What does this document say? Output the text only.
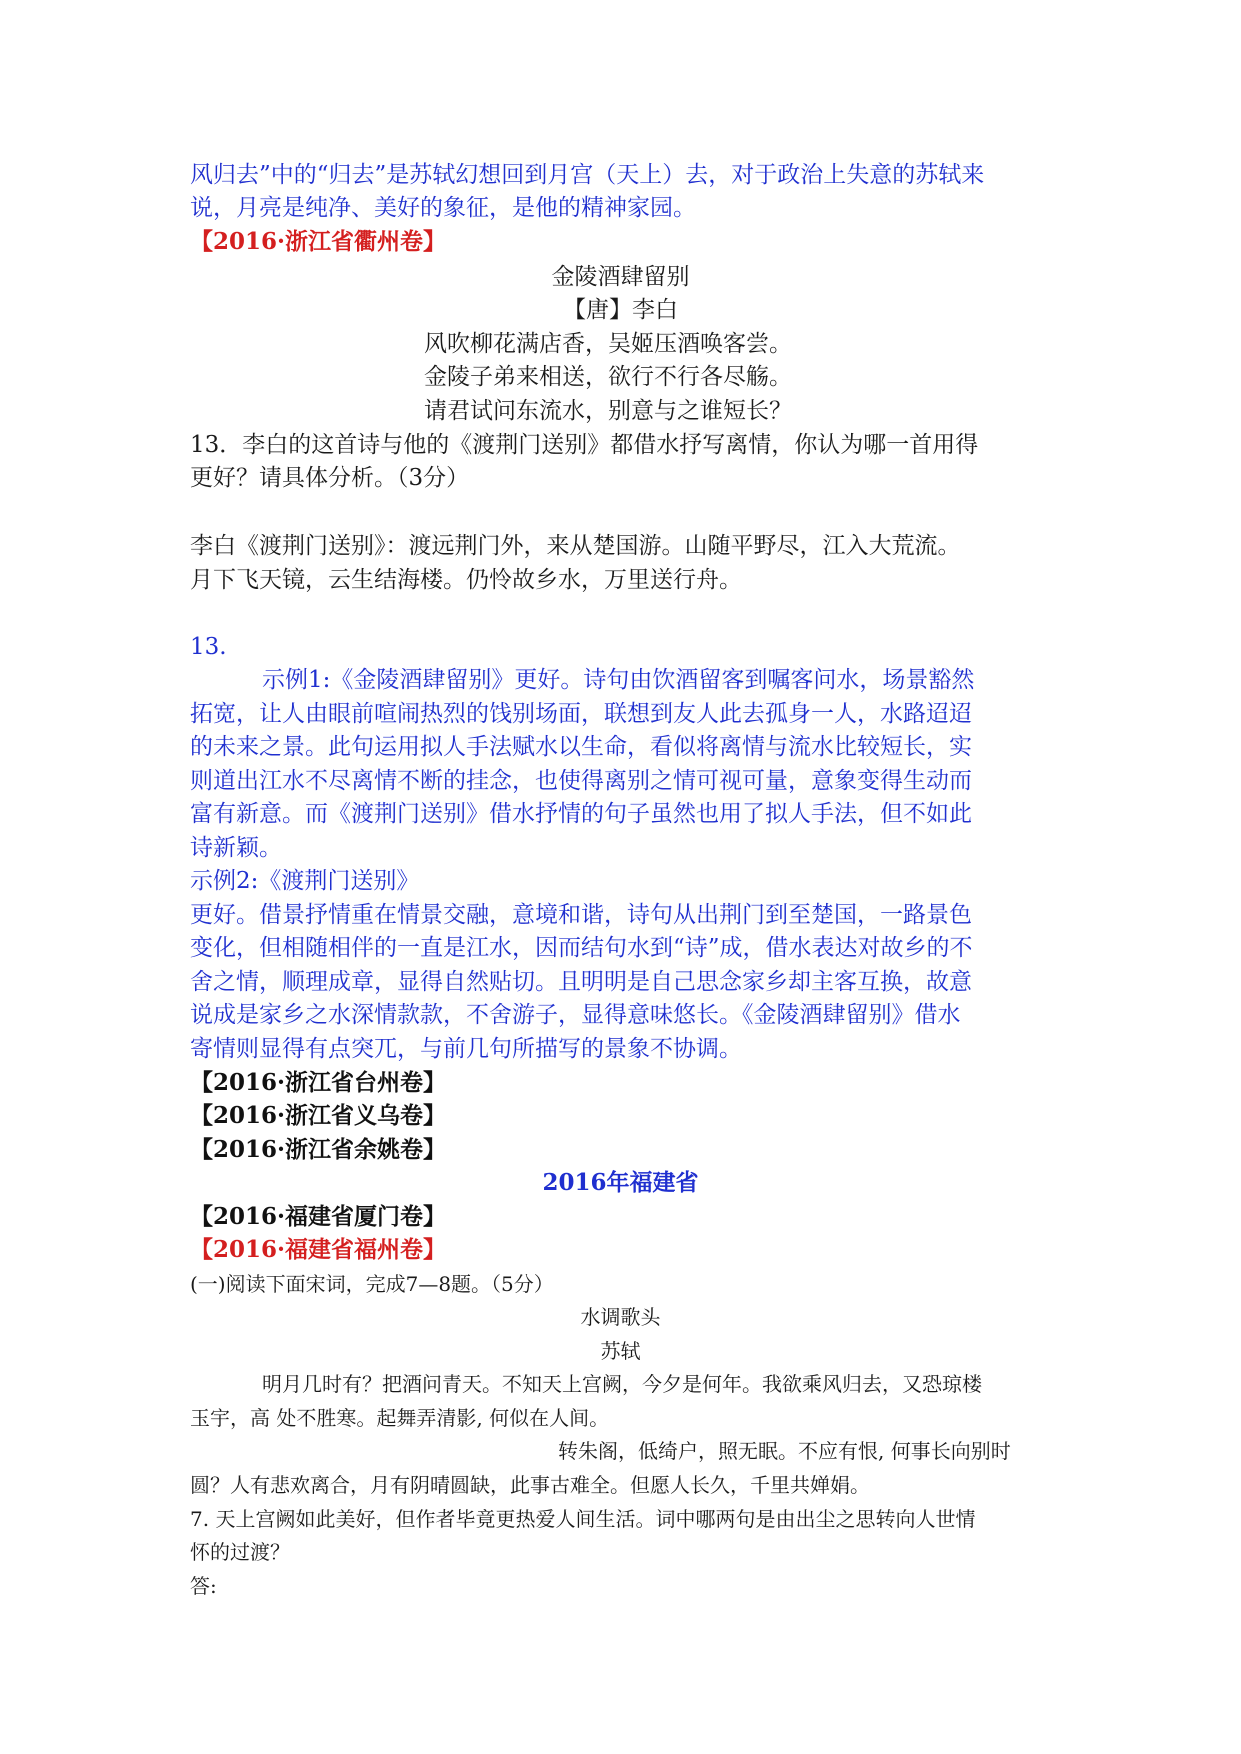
风归去”中的“归去”是苏轼幻想回到月宫（天上）去，对于政治上失意的苏轼来
说，月亮是纯净、美好的象征，是他的精神家园。
【2016·浙江省衢州卷】
金陵酒肆留别
【唐】李白
风吹柳花满店香，吴姬压酒唤客尝。
金陵子弟来相送，欲行不行各尽觞。
请君试问东流水，别意与之谁短长？
13．李白的这首诗与他的《渡荆门送别》都借水抒写离情，你认为哪一首用得
更好？请具体分析。（3分）
李白《渡荆门送别》：渡远荆门外，来从楚国游。山随平野尽，江入大荒流。
月下飞天镜，云生结海楼。仍怜故乡水，万里送行舟。
13.
示例1:《金陵酒肆留别》更好。诗句由饮酒留客到嘱客问水，场景豁然
拓宽，让人由眼前喧闹热烈的饯别场面，联想到友人此去孤身一人，水路迢迢
的未来之景。此句运用拟人手法赋水以生命，看似将离情与流水比较短长，实
则道出江水不尽离情不断的挂念，也使得离别之情可视可量，意象变得生动而
富有新意。而《渡荆门送别》借水抒情的句子虽然也用了拟人手法，但不如此
诗新颖。
示例2:《渡荆门送别》
更好。借景抒情重在情景交融，意境和谐，诗句从出荆门到至楚国，一路景色
变化，但相随相伴的一直是江水，因而结句水到“诗”成，借水表达对故乡的不
舍之情，顺理成章，显得自然贴切。且明明是自己思念家乡却主客互换，故意
说成是家乡之水深情款款，不舍游子，显得意味悠长。《金陵酒肆留别》借水
寄情则显得有点突兀，与前几句所描写的景象不协调。
【2016·浙江省台州卷】
【2016·浙江省义乌卷】
【2016·浙江省余姚卷】
2016年福建省
【2016·福建省厦门卷】
【2016·福建省福州卷】
(一)阅读下面宋词，完成7—8题。（5分）
水调歌头
苏轼
明月几时有？把酒问青天。不知天上宫阙，今夕是何年。我欲乘风归去，又恐琼楼
玉宇，高 处不胜寒。起舞弄清影, 何似在人间。
转朱阁，低绮户，照无眠。不应有恨, 何事长向别时
圆？人有悲欢离合，月有阴晴圆缺，此事古难全。但愿人长久，千里共婵娟。
7. 天上宫阙如此美好，但作者毕竟更热爱人间生活。词中哪两句是由出尘之思转向人世情
怀的过渡？
答:
